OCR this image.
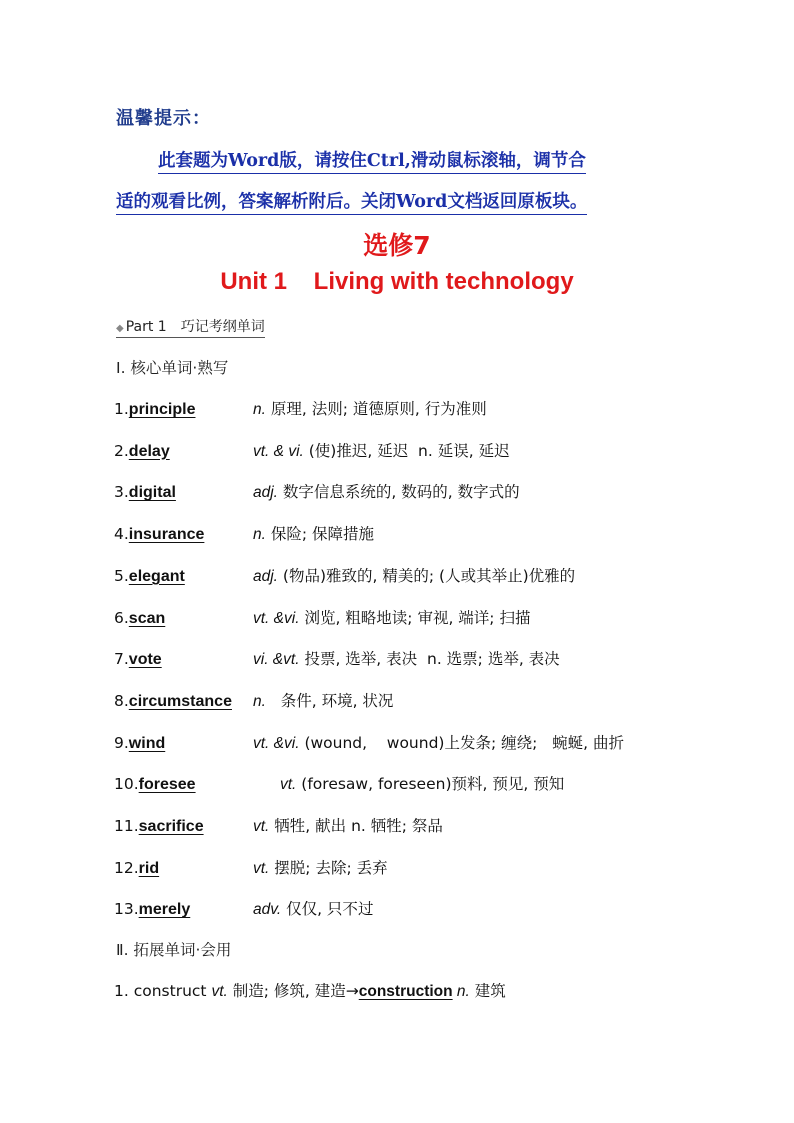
温馨提示：
此套题为Word版，请按住Ctrl,滑动鼠标滚轴，调节合
适的观看比例，答案解析附后。关闭Word文档返回原板块。
选修7
Unit 1    Living with technology
◆ Part 1 巧记考纲单词
Ⅰ. 核心单词·熟写
1.principle	n. 原理, 法则; 道德原则, 行为准则
2.delay	vt. & vi. (使)推迟, 延迟  n. 延误, 延迟
3.digital	adj. 数字信息系统的, 数码的, 数字式的
4.insurance	n. 保险; 保障措施
5.elegant	adj. (物品)雅致的, 精美的; (人或其举止)优雅的
6.scan	vt. &vi. 浏览, 粗略地读; 审视, 端详; 扫描
7.vote	vi. &vt. 投票, 选举, 表决  n. 选票; 选举, 表决
8.circumstance n.   条件, 环境, 状况
9.wind	vt. &vi. (wound,    wound)上发条; 缠绕;   蜿蜒, 曲折
10.foresee	vt. (foresaw, foreseen)预料, 预见, 预知
11.sacrifice	vt. 牺牲, 献出 n. 牺牲; 祭品
12.rid	vt. 摆脱; 去除; 丢弃
13.merely	adv. 仅仅, 只不过
Ⅱ. 拓展单词·会用
1. construct vt. 制造; 修筑, 建造→construction n. 建筑
